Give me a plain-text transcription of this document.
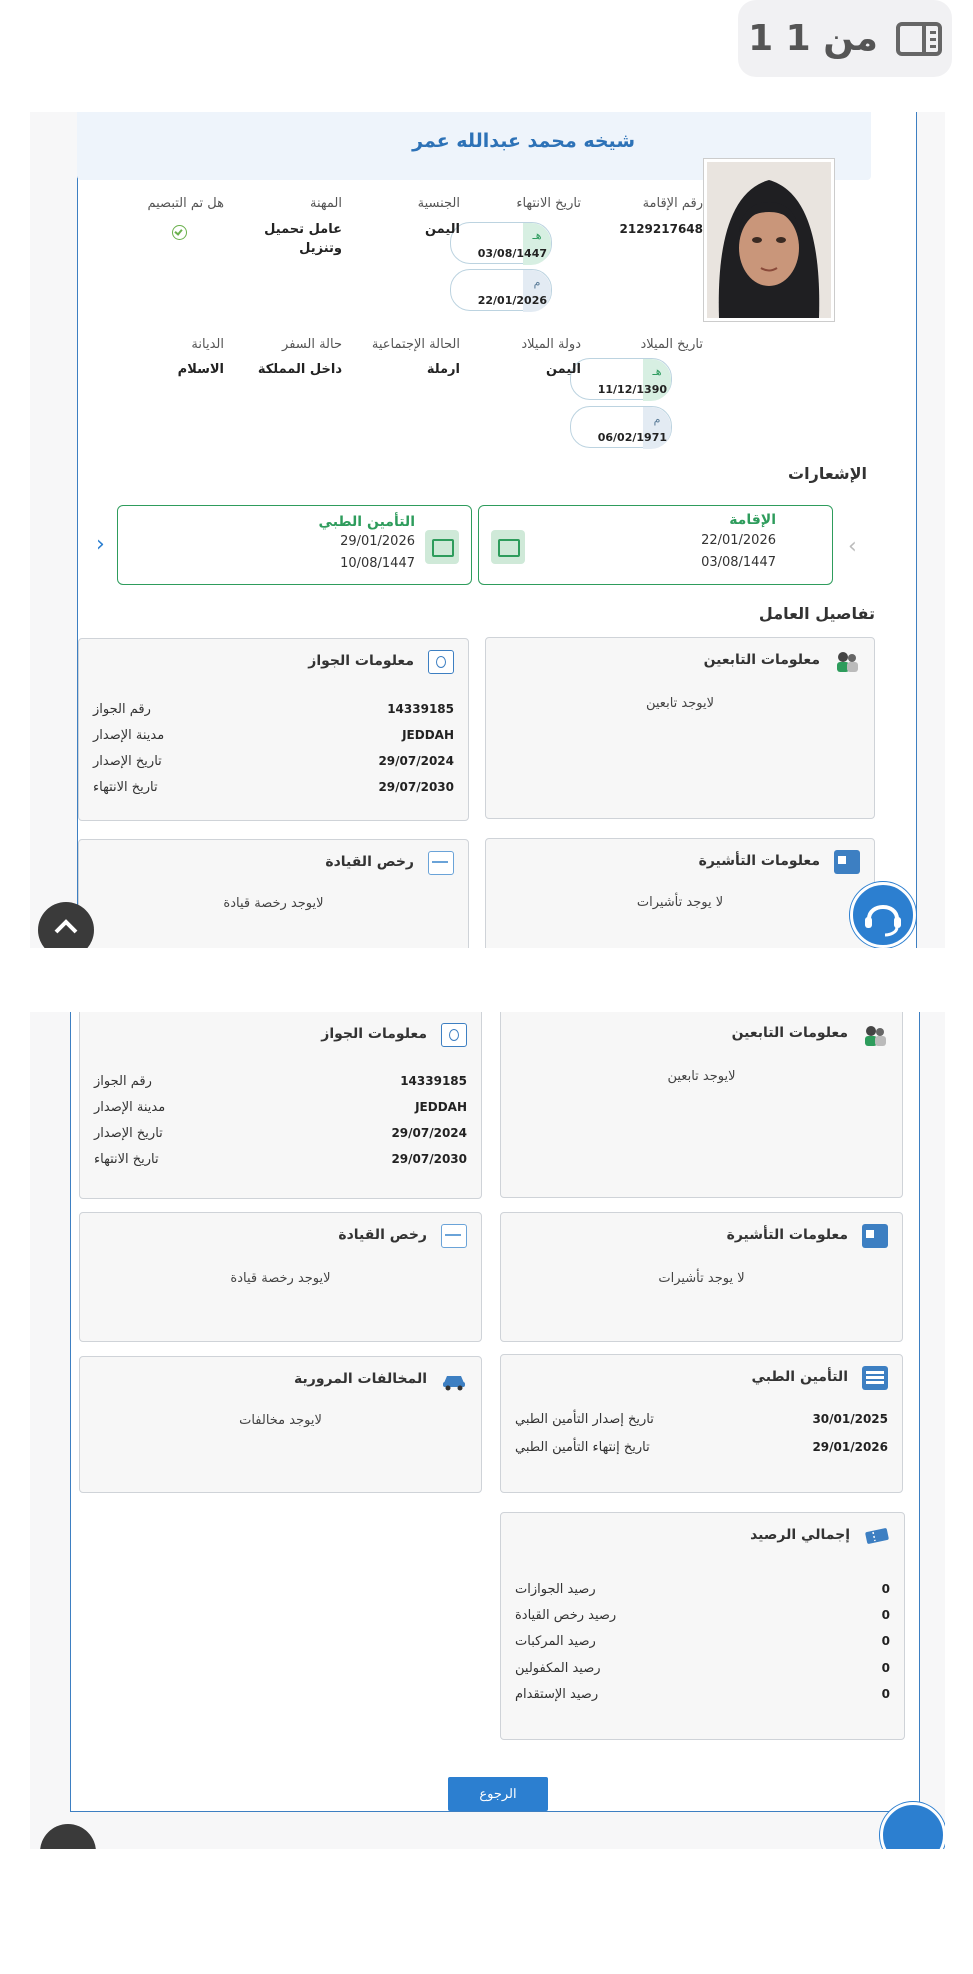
1 من 1
شيخه محمد عبدالله عمر
رقم الإقامة
2129217648
تاريخ الانتهاء
هـ
03/08/1447
م
22/01/2026
الجنسية
اليمن
المهنة
عامل تحميل وتنزيل
هل تم التبصيم
تاريخ الميلاد
هـ
11/12/1390
م
06/02/1971
دولة الميلاد
اليمن
الحالة الإجتماعية
ارملة
حالة السفر
داخل المملكة
الديانة
الاسلام
الإشعارات
‹
الإقامة
22/01/2026
03/08/1447
التأمين الطبي
29/01/2026
10/08/1447
›
تفاصيل العامل
معلومات التابعين
لايوجد تابعين
معلومات الجواز
رقم الجواز	14339185
مدينة الإصدار	JEDDAH
تاريخ الإصدار	29/07/2024
تاريخ الانتهاء	29/07/2030
معلومات التأشيرة
لا يوجد تأشيرات
رخص القيادة
لايوجد رخصة قيادة
معلومات التابعين
لايوجد تابعين
معلومات الجواز
رقم الجواز	14339185
مدينة الإصدار	JEDDAH
تاريخ الإصدار	29/07/2024
تاريخ الانتهاء	29/07/2030
معلومات التأشيرة
لا يوجد تأشيرات
رخص القيادة
لايوجد رخصة قيادة
التأمين الطبي
تاريخ إصدار التأمين الطبي	30/01/2025
تاريخ إنتهاء التأمين الطبي	29/01/2026
المخالفات المرورية
لايوجد مخالفات
إجمالي الرصيد
رصيد الجوازات	0
رصيد رخص القيادة	0
رصيد المركبات	0
رصيد المكفولين	0
رصيد الإستقدام	0
الرجوع
